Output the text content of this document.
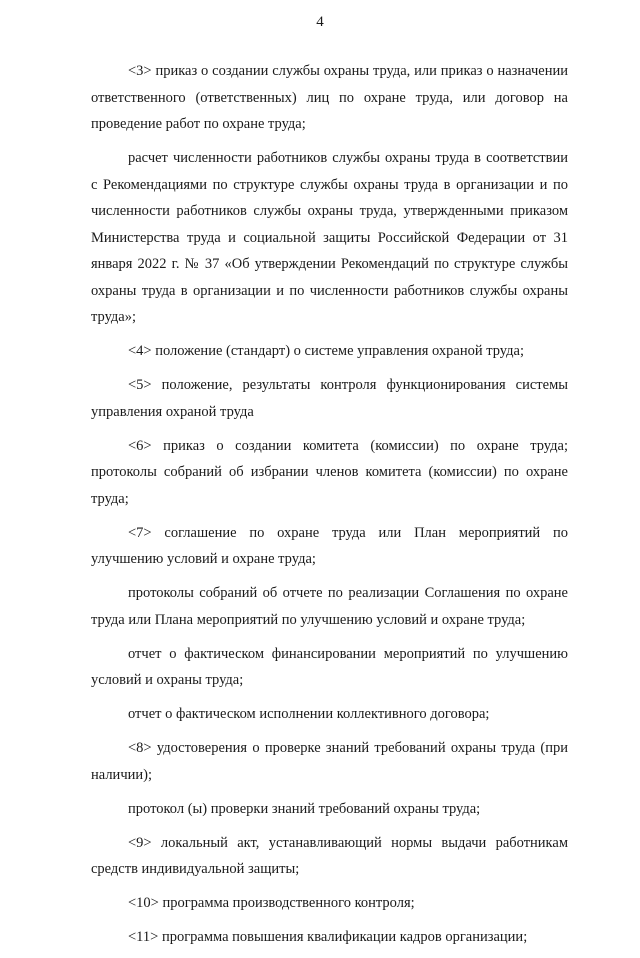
4

<3> приказ о создании службы охраны труда, или приказ о назначении ответственного (ответственных) лиц по охране труда, или договор на проведение работ по охране труда;

расчет численности работников службы охраны труда в соответствии с Рекомендациями по структуре службы охраны труда в организации и по численности работников службы охраны труда, утвержденными приказом Министерства труда и социальной защиты Российской Федерации от 31 января 2022 г. № 37 «Об утверждении Рекомендаций по структуре службы охраны труда в организации и по численности работников службы охраны труда»;

<4> положение (стандарт) о системе управления охраной труда;

<5> положение, результаты контроля функционирования системы управления охраной труда

<6> приказ о создании комитета (комиссии) по охране труда; протоколы собраний об избрании членов комитета (комиссии) по охране труда;

<7> соглашение по охране труда или План мероприятий по улучшению условий и охране труда;

протоколы собраний об отчете по реализации Соглашения по охране труда или Плана мероприятий по улучшению условий и охране труда;

отчет о фактическом финансировании мероприятий по улучшению условий и охраны труда;

отчет о фактическом исполнении коллективного договора;

<8> удостоверения о проверке знаний требований охраны труда (при наличии);

протокол (ы) проверки знаний требований охраны труда;

<9> локальный акт, устанавливающий нормы выдачи работникам средств индивидуальной защиты;

<10> программа производственного контроля;

<11> программа повышения квалификации кадров организации;
